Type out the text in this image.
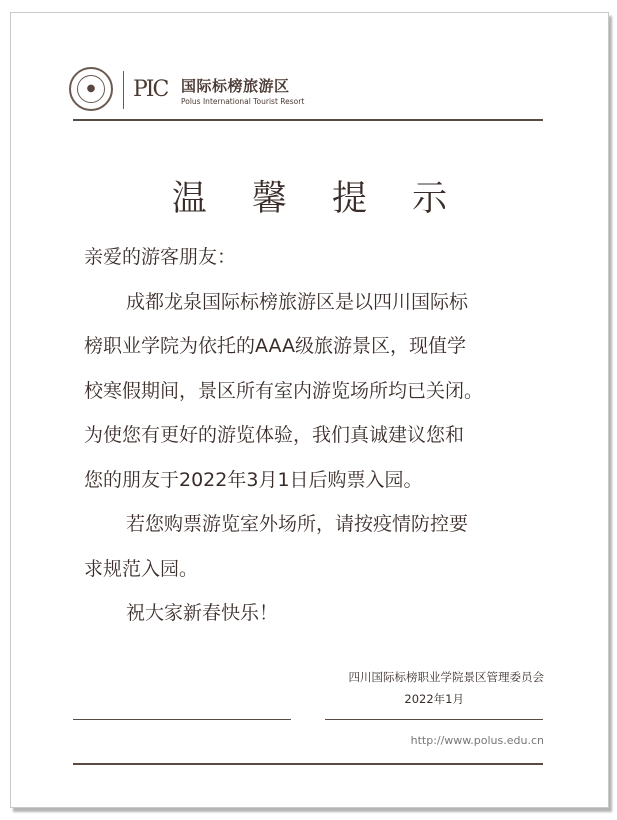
●	PIC 国际标榜旅游区
Polus International Tourist Resort
温 馨 提 示

亲爱的游客朋友：

成都龙泉国际标榜旅游区是以四川国际标

榜职业学院为依托的AAA级旅游景区，现值学

校寒假期间，景区所有室内游览场所均已关闭。

为使您有更好的游览体验，我们真诚建议您和

您的朋友于2022年3月1日后购票入园。

若您购票游览室外场所，请按疫情防控要

求规范入园。

祝大家新春快乐！

四川国际标榜职业学院景区管理委员会
2022年1月
http://www.polus.edu.cn
